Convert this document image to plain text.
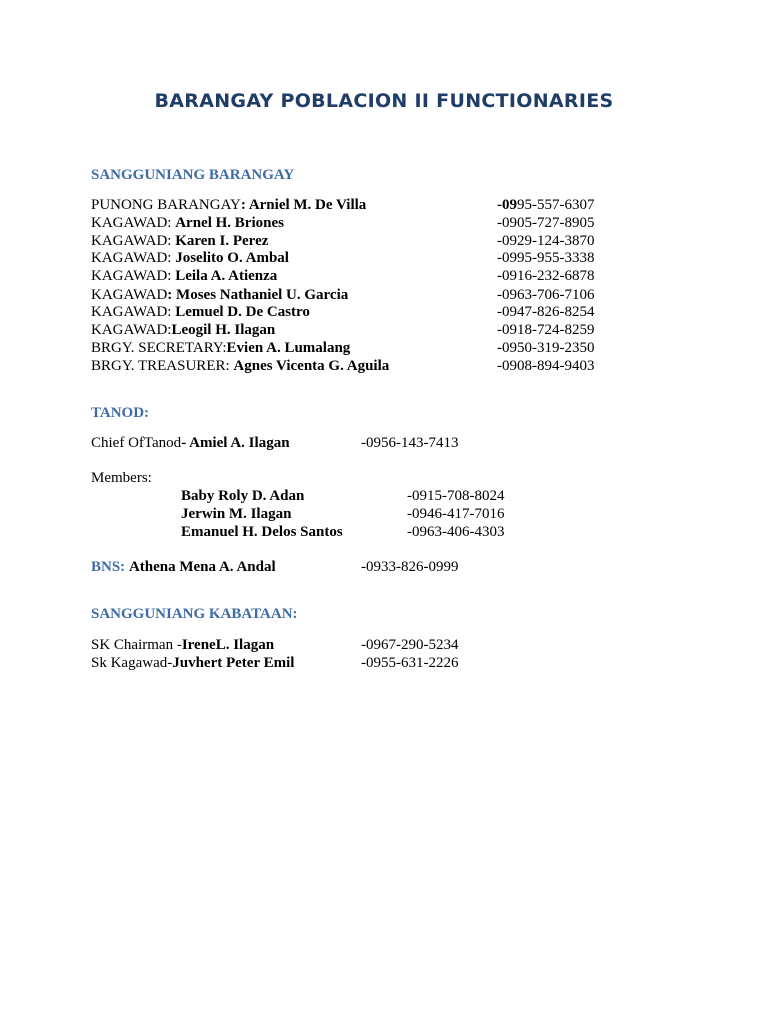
BARANGAY POBLACION II FUNCTIONARIES
SANGGUNIANG BARANGAY
PUNONG BARANGAY: Arniel M. De Villa	-0995-557-6307
KAGAWAD: Arnel H. Briones	-0905-727-8905
KAGAWAD: Karen I. Perez	-0929-124-3870
KAGAWAD: Joselito O. Ambal	-0995-955-3338
KAGAWAD: Leila A. Atienza	-0916-232-6878
KAGAWAD: Moses Nathaniel U. Garcia	-0963-706-7106
KAGAWAD: Lemuel D. De Castro	-0947-826-8254
KAGAWAD:Leogil H. Ilagan	-0918-724-8259
BRGY. SECRETARY:Evien A. Lumalang	-0950-319-2350
BRGY. TREASURER: Agnes Vicenta G. Aguila	-0908-894-9403
TANOD:
Chief OfTanod- Amiel A. Ilagan	-0956-143-7413
Members:
Baby Roly D. Adan	-0915-708-8024
Jerwin M. Ilagan	-0946-417-7016
Emanuel H. Delos Santos	-0963-406-4303
BNS: Athena Mena A. Andal	-0933-826-0999
SANGGUNIANG KABATAAN:
SK Chairman -IreneL. Ilagan	-0967-290-5234
Sk Kagawad-Juvhert Peter Emil	-0955-631-2226
